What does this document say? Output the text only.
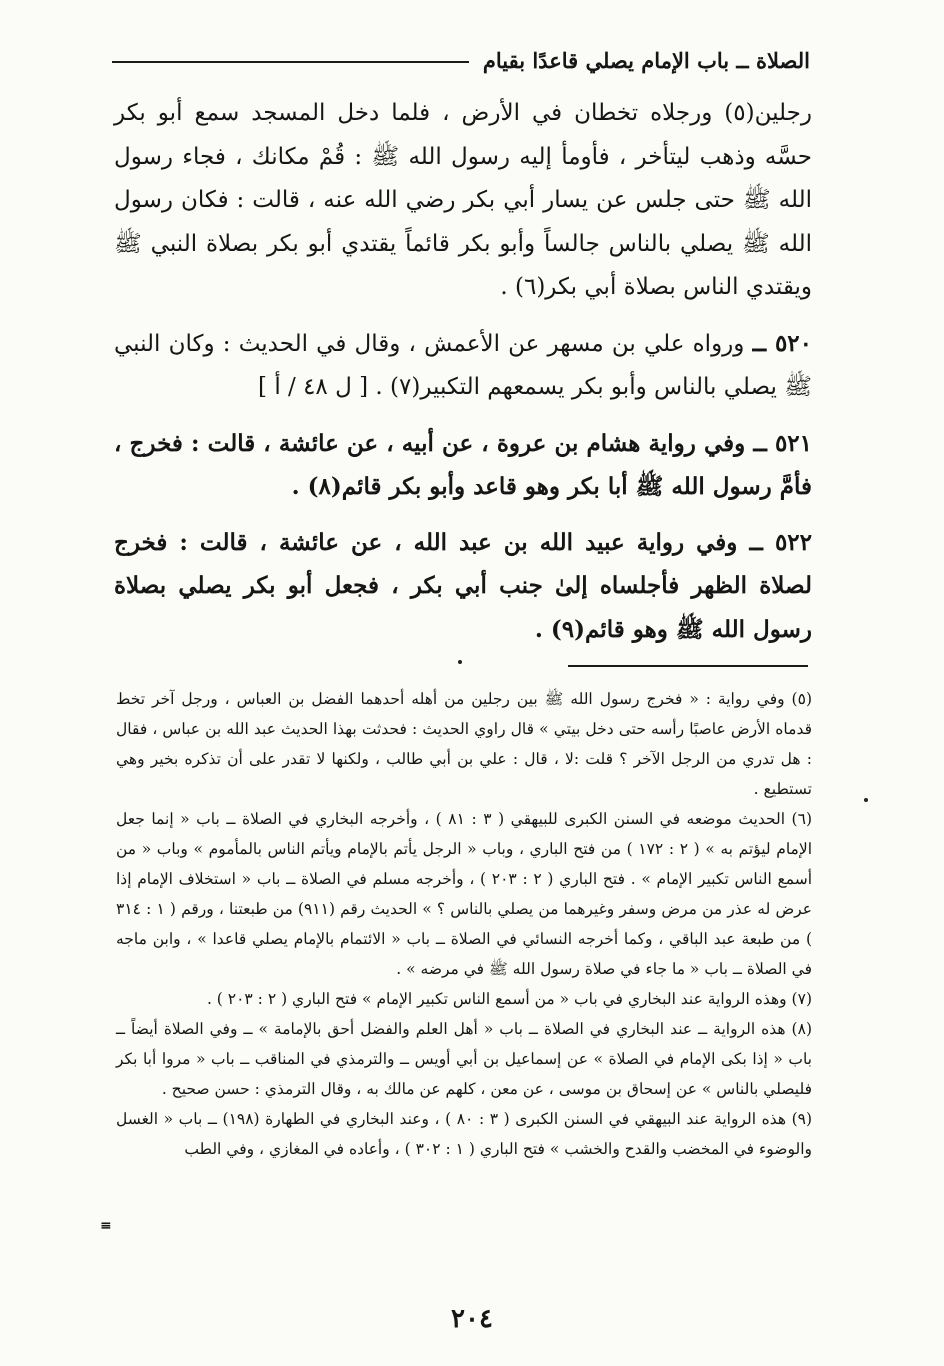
الصلاة ــ باب الإمام يصلي قاعدًا بقيام

رجلين(٥) ورجلاه تخطان في الأرض ، فلما دخل المسجد سمع أبو بكر حسَّه وذهب ليتأخر ، فأومأ إليه رسول الله ﷺ : قُمْ مكانك ، فجاء رسول الله ﷺ حتى جلس عن يسار أبي بكر رضي الله عنه ، قالت : فكان رسول الله ﷺ يصلي بالناس جالساً وأبو بكر قائماً يقتدي أبو بكر بصلاة النبي ﷺ ويقتدي الناس بصلاة أبي بكر(٦) .

٥٢٠ ــ ورواه علي بن مسهر عن الأعمش ، وقال في الحديث : وكان النبي ﷺ يصلي بالناس وأبو بكر يسمعهم التكبير(٧) . [ ل ٤٨ / أ ]

٥٢١ ــ وفي رواية هشام بن عروة ، عن أبيه ، عن عائشة ، قالت : فخرج ، فأمَّ رسول الله ﷺ أبا بكر وهو قاعد وأبو بكر قائم(٨) .

٥٢٢ ــ وفي رواية عبيد الله بن عبد الله ، عن عائشة ، قالت : فخرج لصلاة الظهر فأجلساه إلىٰ جنب أبي بكر ، فجعل أبو بكر يصلي بصلاة رسول الله ﷺ وهو قائم(٩) .

(٥) وفي رواية : « فخرج رسول الله ﷺ بين رجلين من أهله أحدهما الفضل بن العباس ، ورجل آخر تخط قدماه الأرض عاصبًا رأسه حتى دخل بيتي » قال راوي الحديث : فحدثت بهذا الحديث عبد الله بن عباس ، فقال : هل تدري من الرجل الآخر ؟ قلت :لا ، قال : علي بن أبي طالب ، ولكنها لا تقدر على أن تذكره بخير وهي تستطيع .

(٦) الحديث موضعه في السنن الكبرى للبيهقي ( ٣ : ٨١ ) ، وأخرجه البخاري في الصلاة ــ باب « إنما جعل الإمام ليؤتم به » ( ٢ : ١٧٢ ) من فتح الباري ، وباب « الرجل يأتم بالإمام ويأتم الناس بالمأموم » وباب « من أسمع الناس تكبير الإمام » . فتح الباري ( ٢ : ٢٠٣ ) ، وأخرجه مسلم في الصلاة ــ باب « استخلاف الإمام إذا عرض له عذر من مرض وسفر وغيرهما من يصلي بالناس ؟ » الحديث رقم (٩١١) من طبعتنا ، ورقم ( ١ : ٣١٤ ) من طبعة عبد الباقي ، وكما أخرجه النسائي في الصلاة ــ باب « الائتمام بالإمام يصلي قاعدا » ، وابن ماجه في الصلاة ــ باب « ما جاء في صلاة رسول الله ﷺ في مرضه » .

(٧) وهذه الرواية عند البخاري في باب « من أسمع الناس تكبير الإمام » فتح الباري ( ٢ : ٢٠٣ ) .

(٨) هذه الرواية ــ عند البخاري في الصلاة ــ باب « أهل العلم والفضل أحق بالإمامة » ــ وفي الصلاة أيضاً ــ باب « إذا بكى الإمام في الصلاة » عن إسماعيل بن أبي أويس ــ والترمذي في المناقب ــ باب « مروا أبا بكر فليصلي بالناس » عن إسحاق بن موسى ، عن معن ، كلهم عن مالك به ، وقال الترمذي : حسن صحيح .

(٩) هذه الرواية عند البيهقي في السنن الكبرى ( ٣ : ٨٠ ) ، وعند البخاري في الطهارة (١٩٨) ــ باب « الغسل والوضوء في المخضب والقدح والخشب » فتح الباري ( ١ : ٣٠٢ ) ، وأعاده في المغازي ، وفي الطب

≡
٢٠٤
